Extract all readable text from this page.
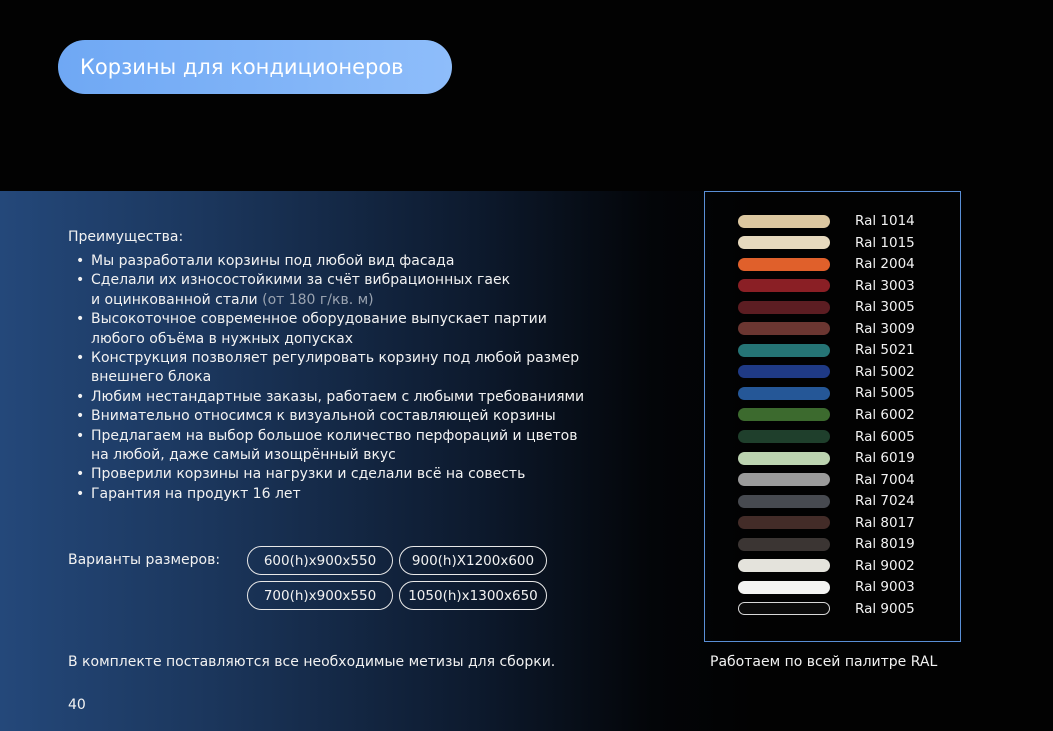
Корзины для кондиционеров
Преимущества:
• Мы разработали корзины под любой вид фасада
• Сделали их износостойкими за счёт вибрационных гаек
и оцинкованной стали (от 180 г/кв. м)
• Высокоточное современное оборудование выпускает партии
любого объёма в нужных допусках
• Конструкция позволяет регулировать корзину под любой размер
внешнего блока
• Любим нестандартные заказы, работаем с любыми требованиями
• Внимательно относимся к визуальной составляющей корзины
• Предлагаем на выбор большое количество перфораций и цветов
на любой, даже самый изощрённый вкус
• Проверили корзины на нагрузки и сделали всё на совесть
• Гарантия на продукт 16 лет
Варианты размеров:	600(h)x900x550	900(h)X1200x600
700(h)x900x550	1050(h)x1300x650
В комплекте поставляются все необходимые метизы для сборки.
40
Ral 1014
Ral 1015
Ral 2004
Ral 3003
Ral 3005
Ral 3009
Ral 5021
Ral 5002
Ral 5005
Ral 6002
Ral 6005
Ral 6019
Ral 7004
Ral 7024
Ral 8017
Ral 8019
Ral 9002
Ral 9003
Ral 9005
Работаем по всей палитре RAL
